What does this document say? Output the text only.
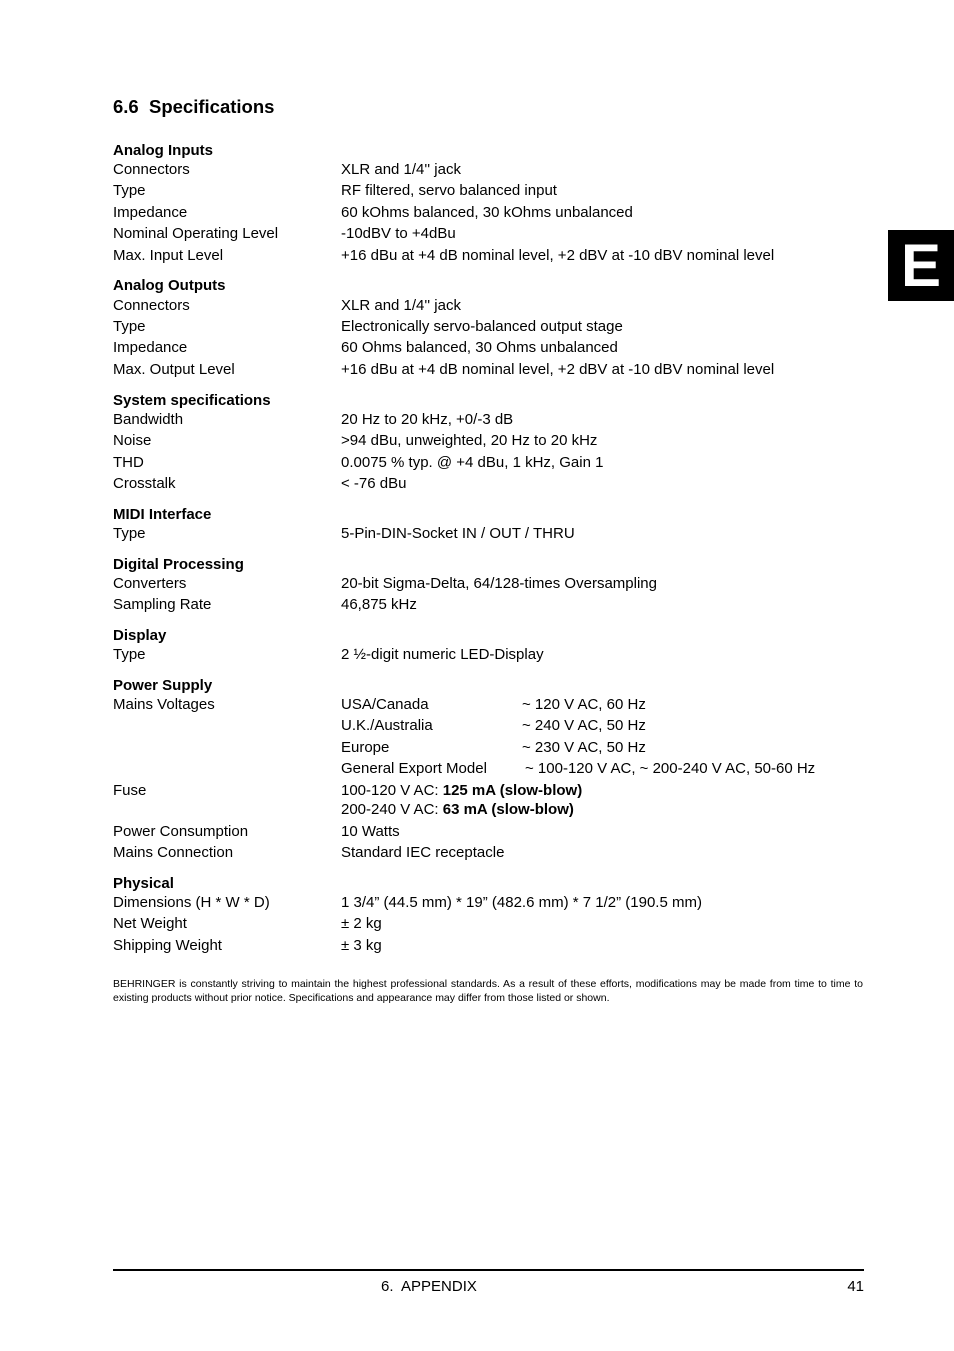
6.6  Specifications
E
Analog Inputs
Connectors	XLR and 1/4'' jack
Type	RF filtered, servo balanced input
Impedance	60 kOhms balanced, 30 kOhms unbalanced
Nominal Operating Level	-10dBV to +4dBu
Max. Input Level	+16 dBu at +4 dB nominal level, +2 dBV at -10 dBV nominal level
Analog Outputs
Connectors	XLR and 1/4'' jack
Type	Electronically servo-balanced output stage
Impedance	60 Ohms balanced, 30 Ohms unbalanced
Max. Output Level	+16 dBu at +4 dB nominal level, +2 dBV at -10 dBV nominal level
System specifications
Bandwidth	20 Hz to 20 kHz, +0/-3 dB
Noise	>94 dBu, unweighted, 20 Hz to 20 kHz
THD	0.0075 % typ. @ +4 dBu, 1 kHz, Gain 1
Crosstalk	< -76 dBu
MIDI Interface
Type	5-Pin-DIN-Socket IN / OUT / THRU
Digital Processing
Converters	20-bit Sigma-Delta, 64/128-times Oversampling
Sampling Rate	46,875 kHz
Display
Type	2 ½-digit numeric LED-Display
Power Supply
Mains Voltages	USA/Canada	~ 120 V AC, 60 Hz
U.K./Australia	~ 240 V AC, 50 Hz
Europe	~ 230 V AC, 50 Hz
General Export Model	~ 100-120 V AC, ~ 200-240 V AC, 50-60 Hz
Fuse	100-120 V AC: 125 mA (slow-blow)
200-240 V AC: 63 mA (slow-blow)
Power Consumption	10 Watts
Mains Connection	Standard IEC receptacle
Physical
Dimensions (H * W * D)	1 3/4” (44.5 mm) * 19” (482.6 mm) * 7 1/2” (190.5 mm)
Net Weight	± 2 kg
Shipping Weight	± 3 kg
BEHRINGER is constantly striving to maintain the highest professional standards. As a result of these efforts, modifications may be made from time to time to existing products without prior notice. Specifications and appearance may differ from those listed or shown.
6.  APPENDIX	41
